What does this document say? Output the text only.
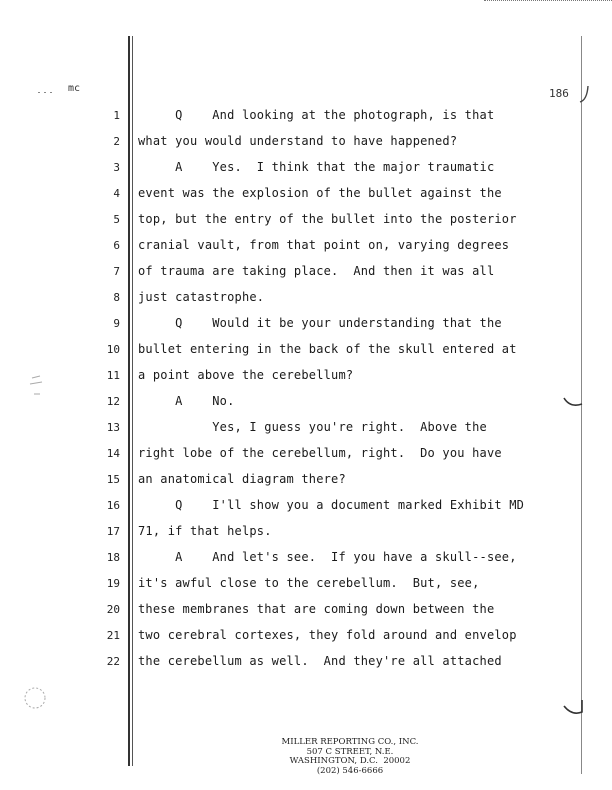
mc	186
1 Q    And looking at the photograph, is that
2 what you would understand to have happened?
3 A    Yes.  I think that the major traumatic
4 event was the explosion of the bullet against the
5 top, but the entry of the bullet into the posterior
6 cranial vault, from that point on, varying degrees
7 of trauma are taking place.  And then it was all
8 just catastrophe.
9 Q    Would it be your understanding that the
10 bullet entering in the back of the skull entered at
11 a point above the cerebellum?
12 A    No.
13 Yes, I guess you're right.  Above the
14 right lobe of the cerebellum, right.  Do you have
15 an anatomical diagram there?
16 Q    I'll show you a document marked Exhibit MD
17 71, if that helps.
18 A    And let's see.  If you have a skull--see,
19 it's awful close to the cerebellum.  But, see,
20 these membranes that are coming down between the
21 two cerebral cortexes, they fold around and envelop
22 the cerebellum as well.  And they're all attached
MILLER REPORTING CO., INC.
507 C STREET, N.E.
WASHINGTON, D.C.  20002
(202) 546-6666
